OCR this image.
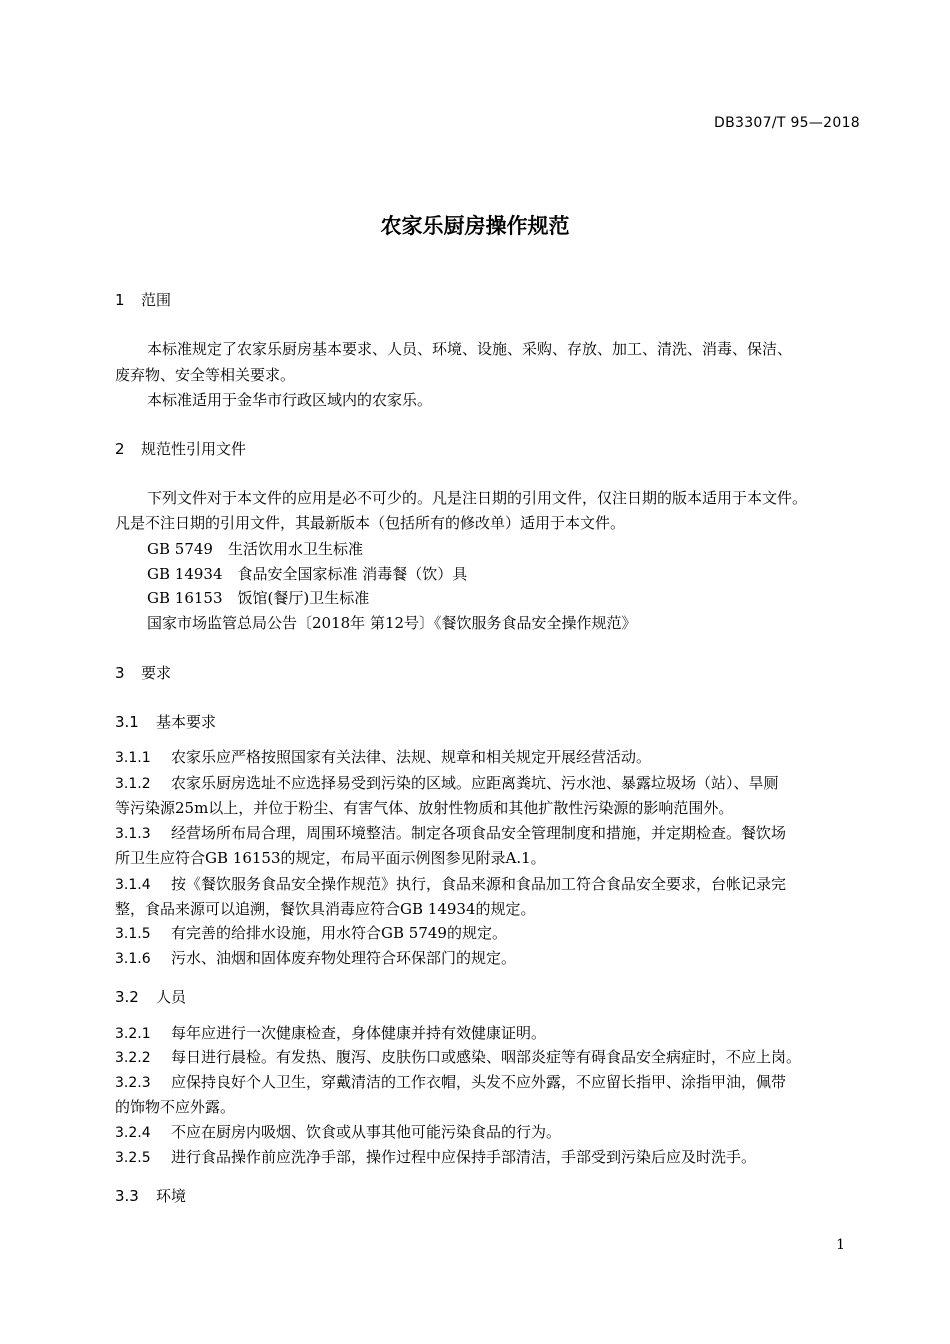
DB3307/T 95—2018
农家乐厨房操作规范
1 范围
本标准规定了农家乐厨房基本要求、人员、环境、设施、采购、存放、加工、清洗、消毒、保洁、
废弃物、安全等相关要求。
本标准适用于金华市行政区域内的农家乐。
2 规范性引用文件
下列文件对于本文件的应用是必不可少的。凡是注日期的引用文件，仅注日期的版本适用于本文件。
凡是不注日期的引用文件，其最新版本（包括所有的修改单）适用于本文件。
GB 5749　生活饮用水卫生标准
GB 14934　食品安全国家标准 消毒餐（饮）具
GB 16153　饭馆(餐厅)卫生标准
国家市场监管总局公告〔2018年 第12号〕《餐饮服务食品安全操作规范》
3 要求
3.1 基本要求
3.1.1 农家乐应严格按照国家有关法律、法规、规章和相关规定开展经营活动。
3.1.2 农家乐厨房选址不应选择易受到污染的区域。应距离粪坑、污水池、暴露垃圾场（站）、旱厕
等污染源25m以上，并位于粉尘、有害气体、放射性物质和其他扩散性污染源的影响范围外。
3.1.3 经营场所布局合理，周围环境整洁。制定各项食品安全管理制度和措施，并定期检查。餐饮场
所卫生应符合GB 16153的规定，布局平面示例图参见附录A.1。
3.1.4 按《餐饮服务食品安全操作规范》执行，食品来源和食品加工符合食品安全要求，台帐记录完
整，食品来源可以追溯，餐饮具消毒应符合GB 14934的规定。
3.1.5 有完善的给排水设施，用水符合GB 5749的规定。
3.1.6 污水、油烟和固体废弃物处理符合环保部门的规定。
3.2 人员
3.2.1 每年应进行一次健康检查，身体健康并持有效健康证明。
3.2.2 每日进行晨检。有发热、腹泻、皮肤伤口或感染、咽部炎症等有碍食品安全病症时，不应上岗。
3.2.3 应保持良好个人卫生，穿戴清洁的工作衣帽，头发不应外露，不应留长指甲、涂指甲油，佩带
的饰物不应外露。
3.2.4 不应在厨房内吸烟、饮食或从事其他可能污染食品的行为。
3.2.5 进行食品操作前应洗净手部，操作过程中应保持手部清洁，手部受到污染后应及时洗手。
3.3 环境
1
